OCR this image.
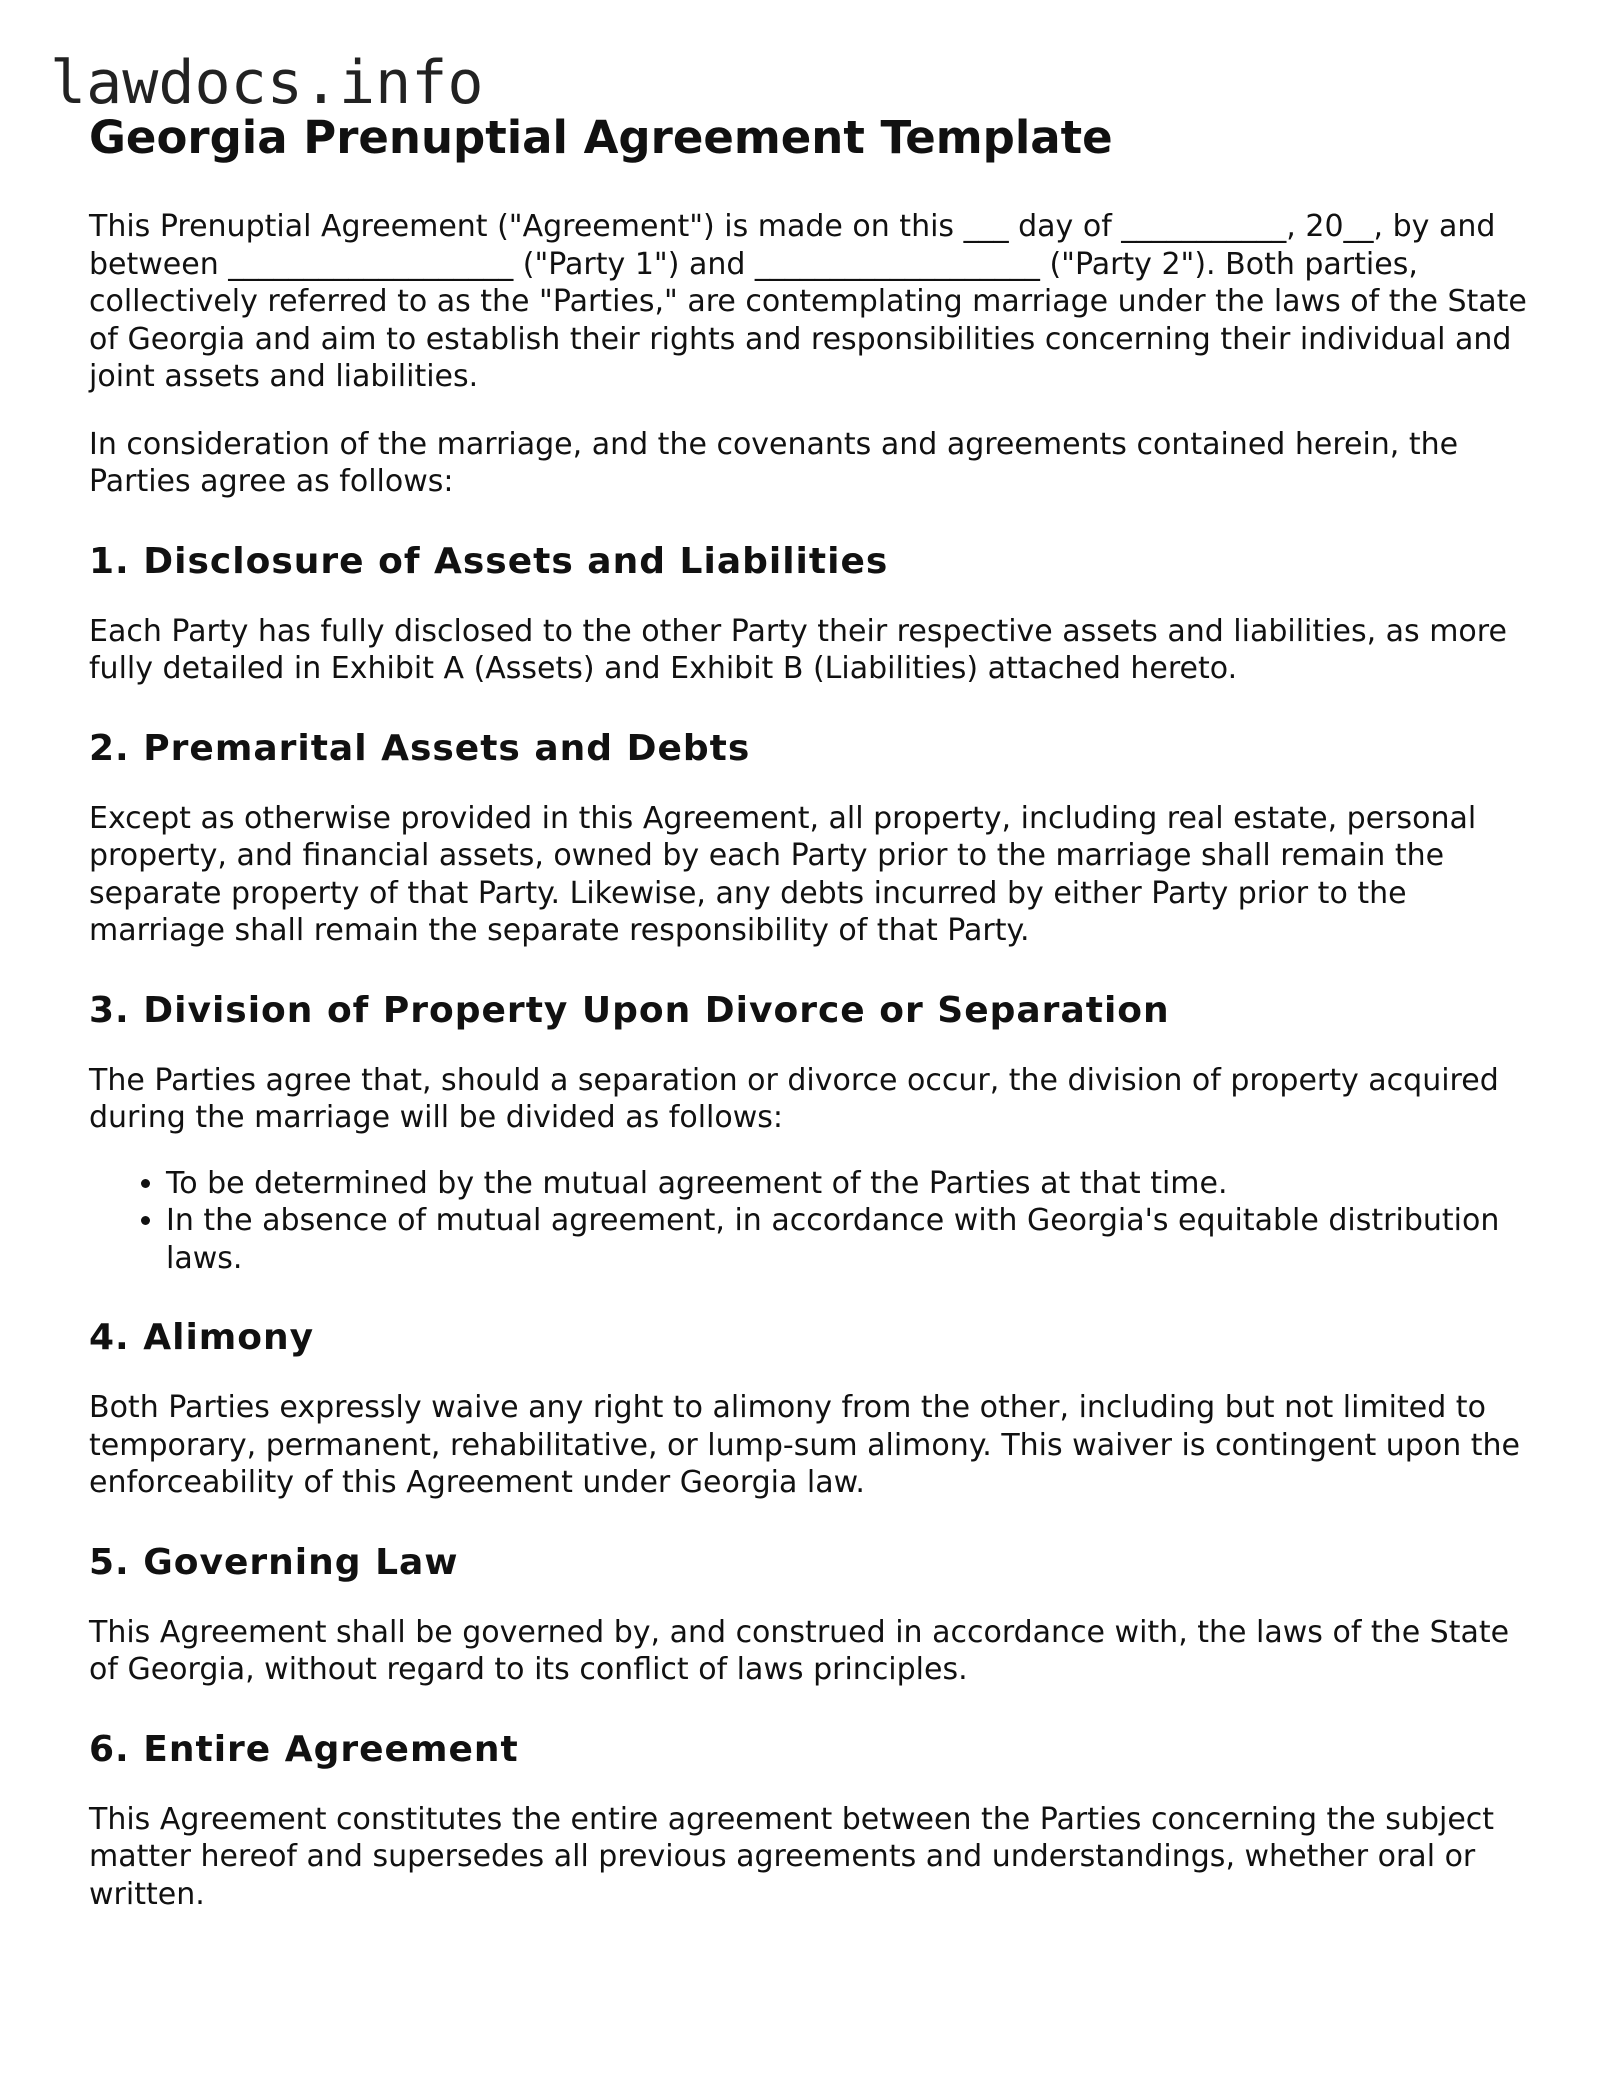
lawdocs.info
Georgia Prenuptial Agreement Template

This Prenuptial Agreement ("Agreement") is made on this ___ day of ___________, 20__, by and between ___________________ ("Party 1") and ___________________ ("Party 2"). Both parties, collectively referred to as the "Parties," are contemplating marriage under the laws of the State of Georgia and aim to establish their rights and responsibilities concerning their individual and joint assets and liabilities.

In consideration of the marriage, and the covenants and agreements contained herein, the Parties agree as follows:

1. Disclosure of Assets and Liabilities

Each Party has fully disclosed to the other Party their respective assets and liabilities, as more fully detailed in Exhibit A (Assets) and Exhibit B (Liabilities) attached hereto.

2. Premarital Assets and Debts

Except as otherwise provided in this Agreement, all property, including real estate, personal property, and financial assets, owned by each Party prior to the marriage shall remain the separate property of that Party. Likewise, any debts incurred by either Party prior to the marriage shall remain the separate responsibility of that Party.

3. Division of Property Upon Divorce or Separation

The Parties agree that, should a separation or divorce occur, the division of property acquired during the marriage will be divided as follows:

• To be determined by the mutual agreement of the Parties at that time.
• In the absence of mutual agreement, in accordance with Georgia's equitable distribution laws.
4. Alimony

Both Parties expressly waive any right to alimony from the other, including but not limited to temporary, permanent, rehabilitative, or lump-sum alimony. This waiver is contingent upon the enforceability of this Agreement under Georgia law.

5. Governing Law

This Agreement shall be governed by, and construed in accordance with, the laws of the State of Georgia, without regard to its conflict of laws principles.

6. Entire Agreement

This Agreement constitutes the entire agreement between the Parties concerning the subject matter hereof and supersedes all previous agreements and understandings, whether oral or written.
